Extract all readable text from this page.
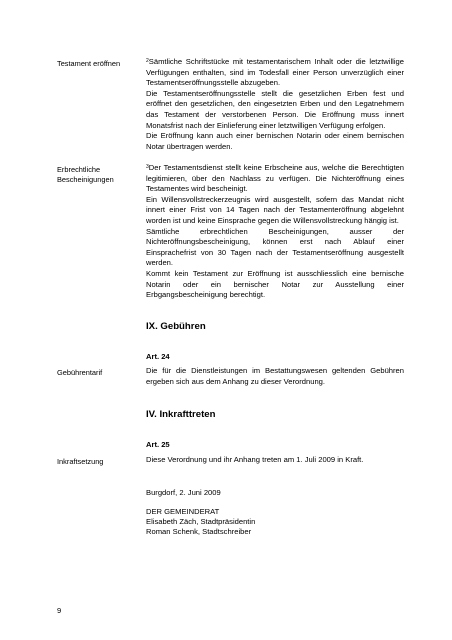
Testament eröffnen	$^2$Sämtliche Schriftstücke mit testamentarischem Inhalt oder die letztwillige Verfügungen enthalten, sind im Todesfall einer Person unverzüglich einer Testamentseröffnungsstelle abzugeben.

Die Testamentseröffnungsstelle stellt die gesetzlichen Erben fest und eröffnet den gesetzlichen, den eingesetzten Erben und den Legatnehmern das Testament der verstorbenen Person. Die Eröffnung muss innert Monatsfrist nach der Einlieferung einer letztwilligen Verfügung erfolgen.

Die Eröffnung kann auch einer bernischen Notarin oder einem bernischen Notar übertragen werden.

Erbrechtliche Bescheinigungen

$^3$Der Testamentsdienst stellt keine Erbscheine aus, welche die Berechtigten legitimieren, über den Nachlass zu verfügen. Die Nichteröffnung eines Testamentes wird bescheinigt.

Ein Willensvollstreckerzeugnis wird ausgestellt, sofern das Mandat nicht innert einer Frist von 14 Tagen nach der Testamenteröffnung abgelehnt worden ist und keine Einsprache gegen die Willensvollstreckung hängig ist.

Sämtliche erbrechtlichen Bescheinigungen, ausser der Nichteröffnungsbescheinigung, können erst nach Ablauf einer Einsprachefrist von 30 Tagen nach der Testamentseröffnung ausgestellt werden.

Kommt kein Testament zur Eröffnung ist ausschliesslich eine bernische Notarin oder ein bernischer Notar zur Ausstellung einer Erbgangsbescheinigung berechtigt.

IX. Gebühren
Art. 24
Gebührentarif	Die für die Dienstleistungen im Bestattungswesen geltenden Gebühren ergeben sich aus dem Anhang zu dieser Verordnung.
IV. Inkrafttreten
Art. 25
Inkraftsetzung	Diese Verordnung und ihr Anhang treten am 1. Juli 2009 in Kraft.
Burgdorf, 2. Juni 2009
DER GEMEINDERAT
Elisabeth Zäch, Stadtpräsidentin
Roman Schenk, Stadtschreiber
9
